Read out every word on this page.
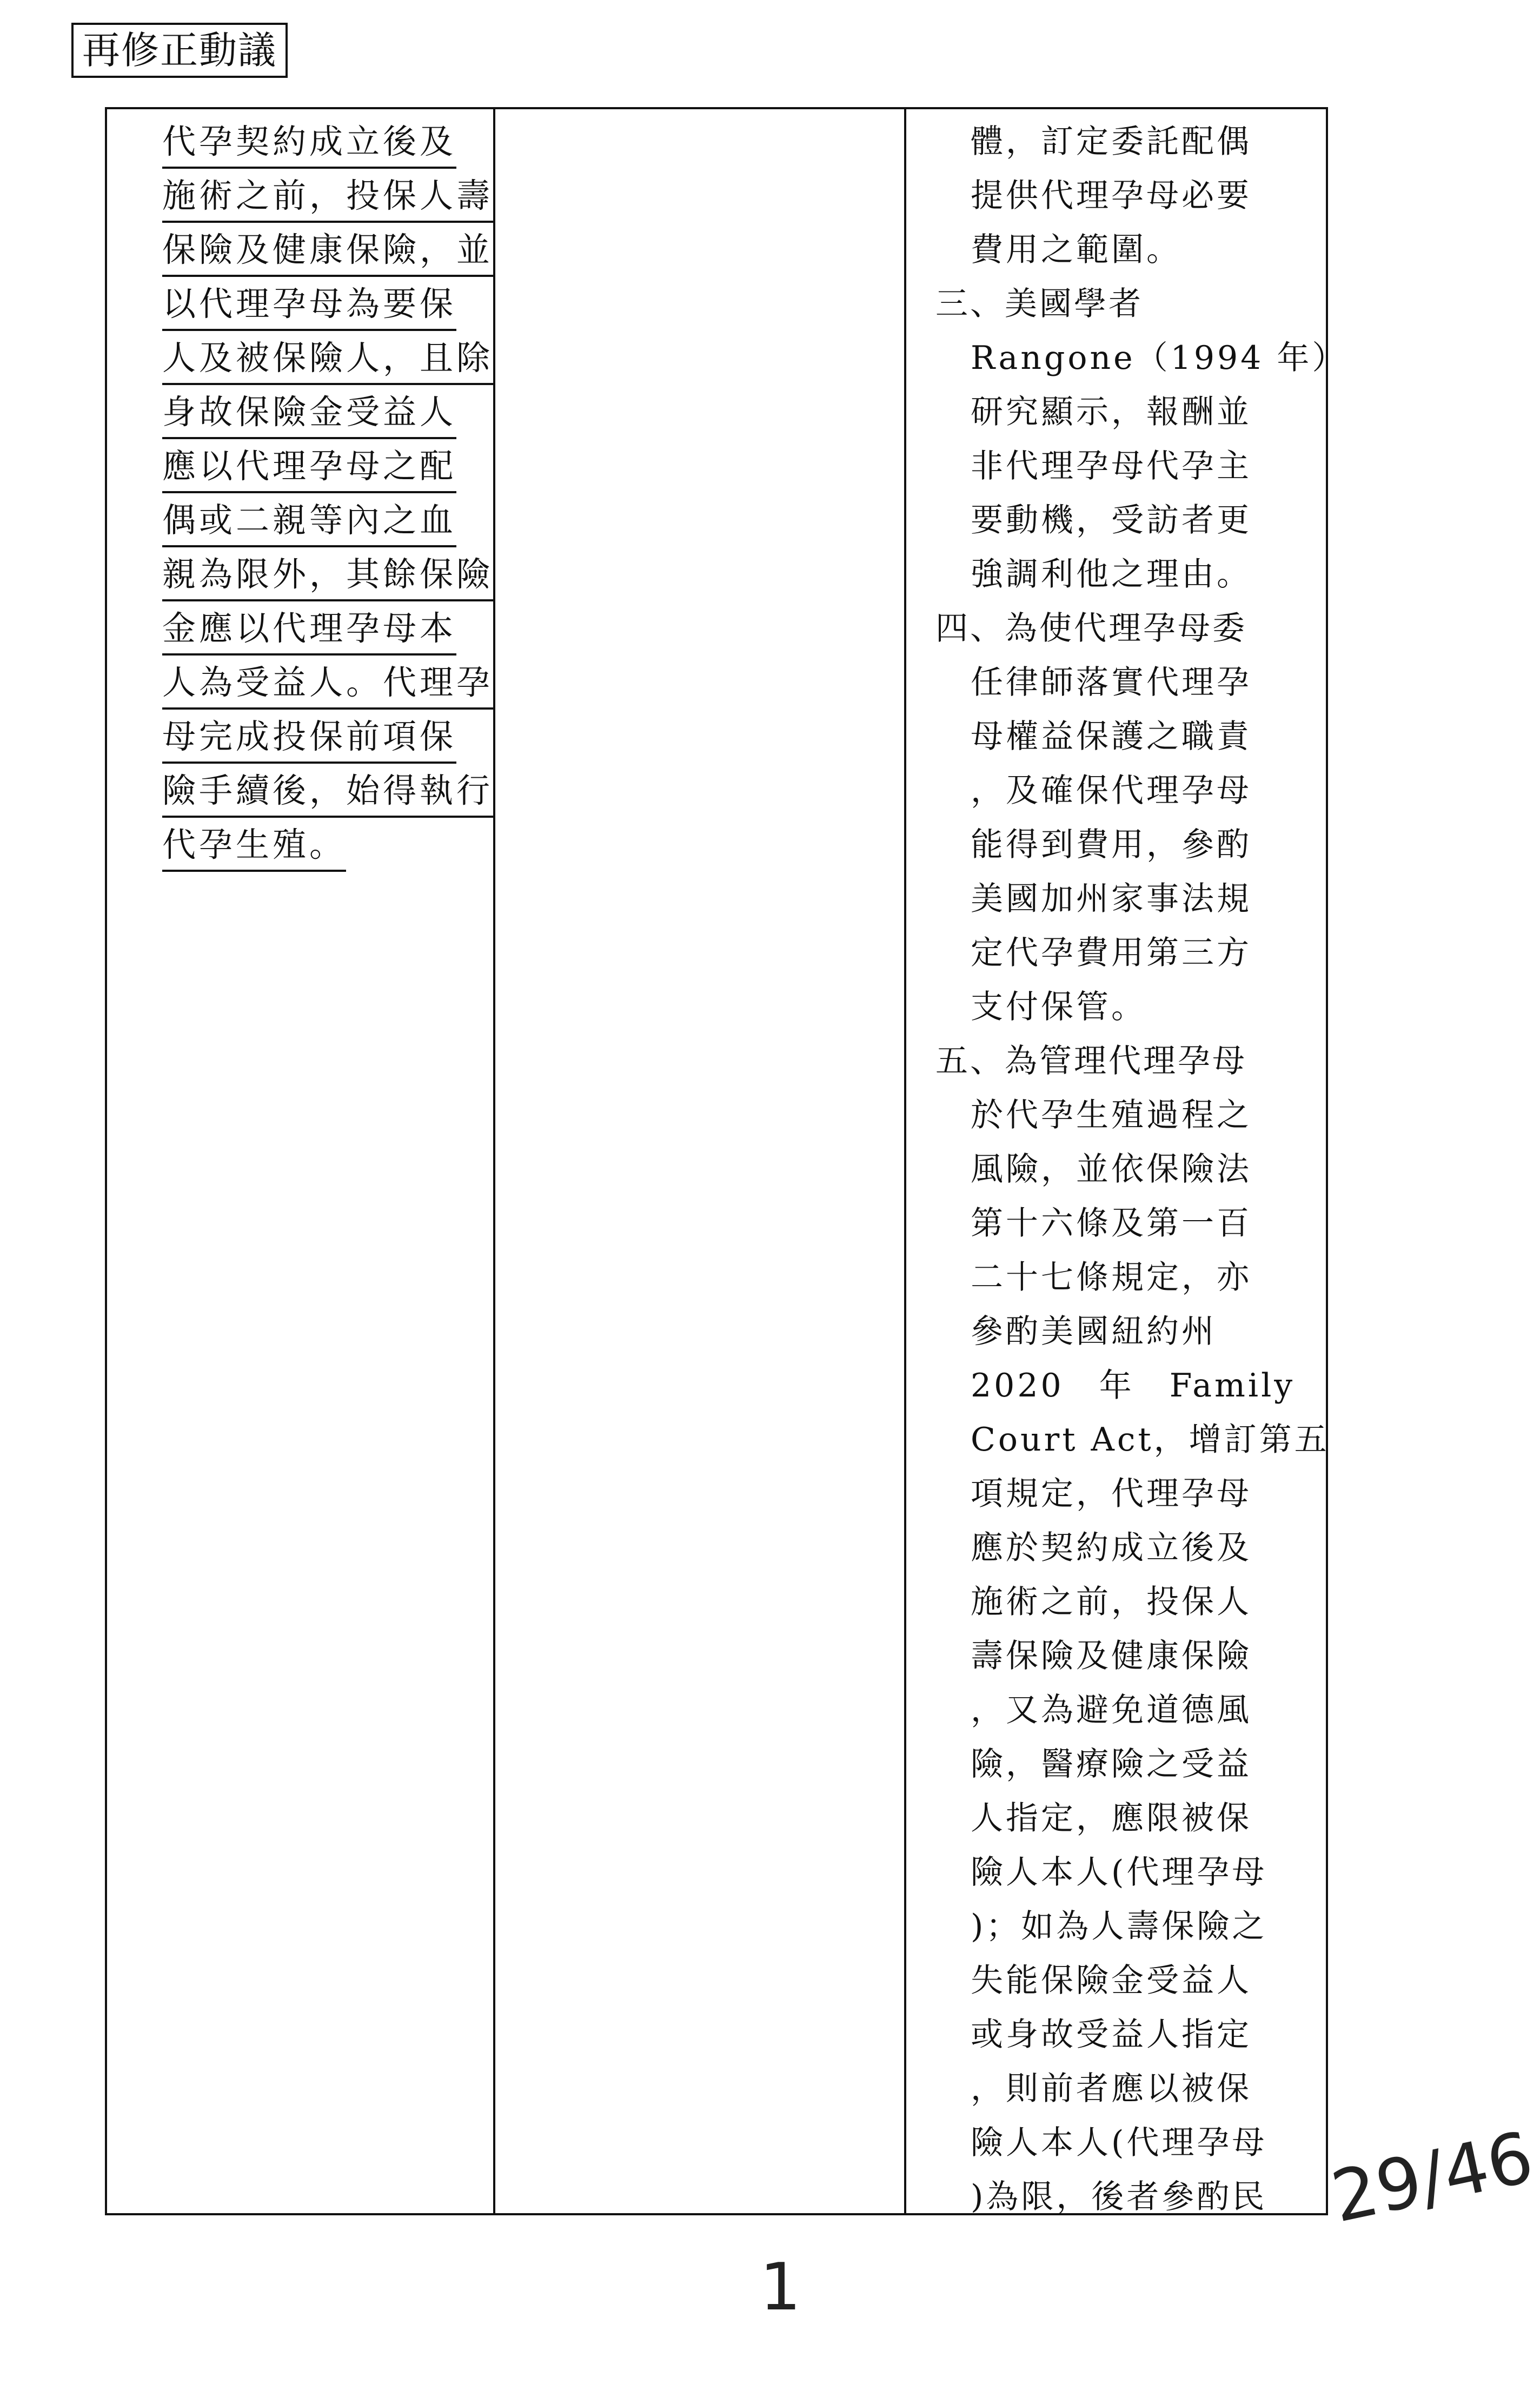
再修正動議
代孕契約成立後及
施術之前，投保人壽
保險及健康保險，並
以代理孕母為要保
人及被保險人，且除
身故保險金受益人
應以代理孕母之配
偶或二親等內之血
親為限外，其餘保險
金應以代理孕母本
人為受益人。代理孕
母完成投保前項保
險手續後，始得執行
代孕生殖。
體，訂定委託配偶
提供代理孕母必要
費用之範圍。
三、美國學者
Rangone（1994 年）
研究顯示，報酬並
非代理孕母代孕主
要動機，受訪者更
強調利他之理由。
四、為使代理孕母委
任律師落實代理孕
母權益保護之職責
，及確保代理孕母
能得到費用，參酌
美國加州家事法規
定代孕費用第三方
支付保管。
五、為管理代理孕母
於代孕生殖過程之
風險，並依保險法
第十六條及第一百
二十七條規定，亦
參酌美國紐約州
2020　年　Family
Court Act，增訂第五
項規定，代理孕母
應於契約成立後及
施術之前，投保人
壽保險及健康保險
，又為避免道德風
險，醫療險之受益
人指定，應限被保
險人本人(代理孕母
)；如為人壽保險之
失能保險金受益人
或身故受益人指定
，則前者應以被保
險人本人(代理孕母
)為限，後者參酌民
1
29/46
